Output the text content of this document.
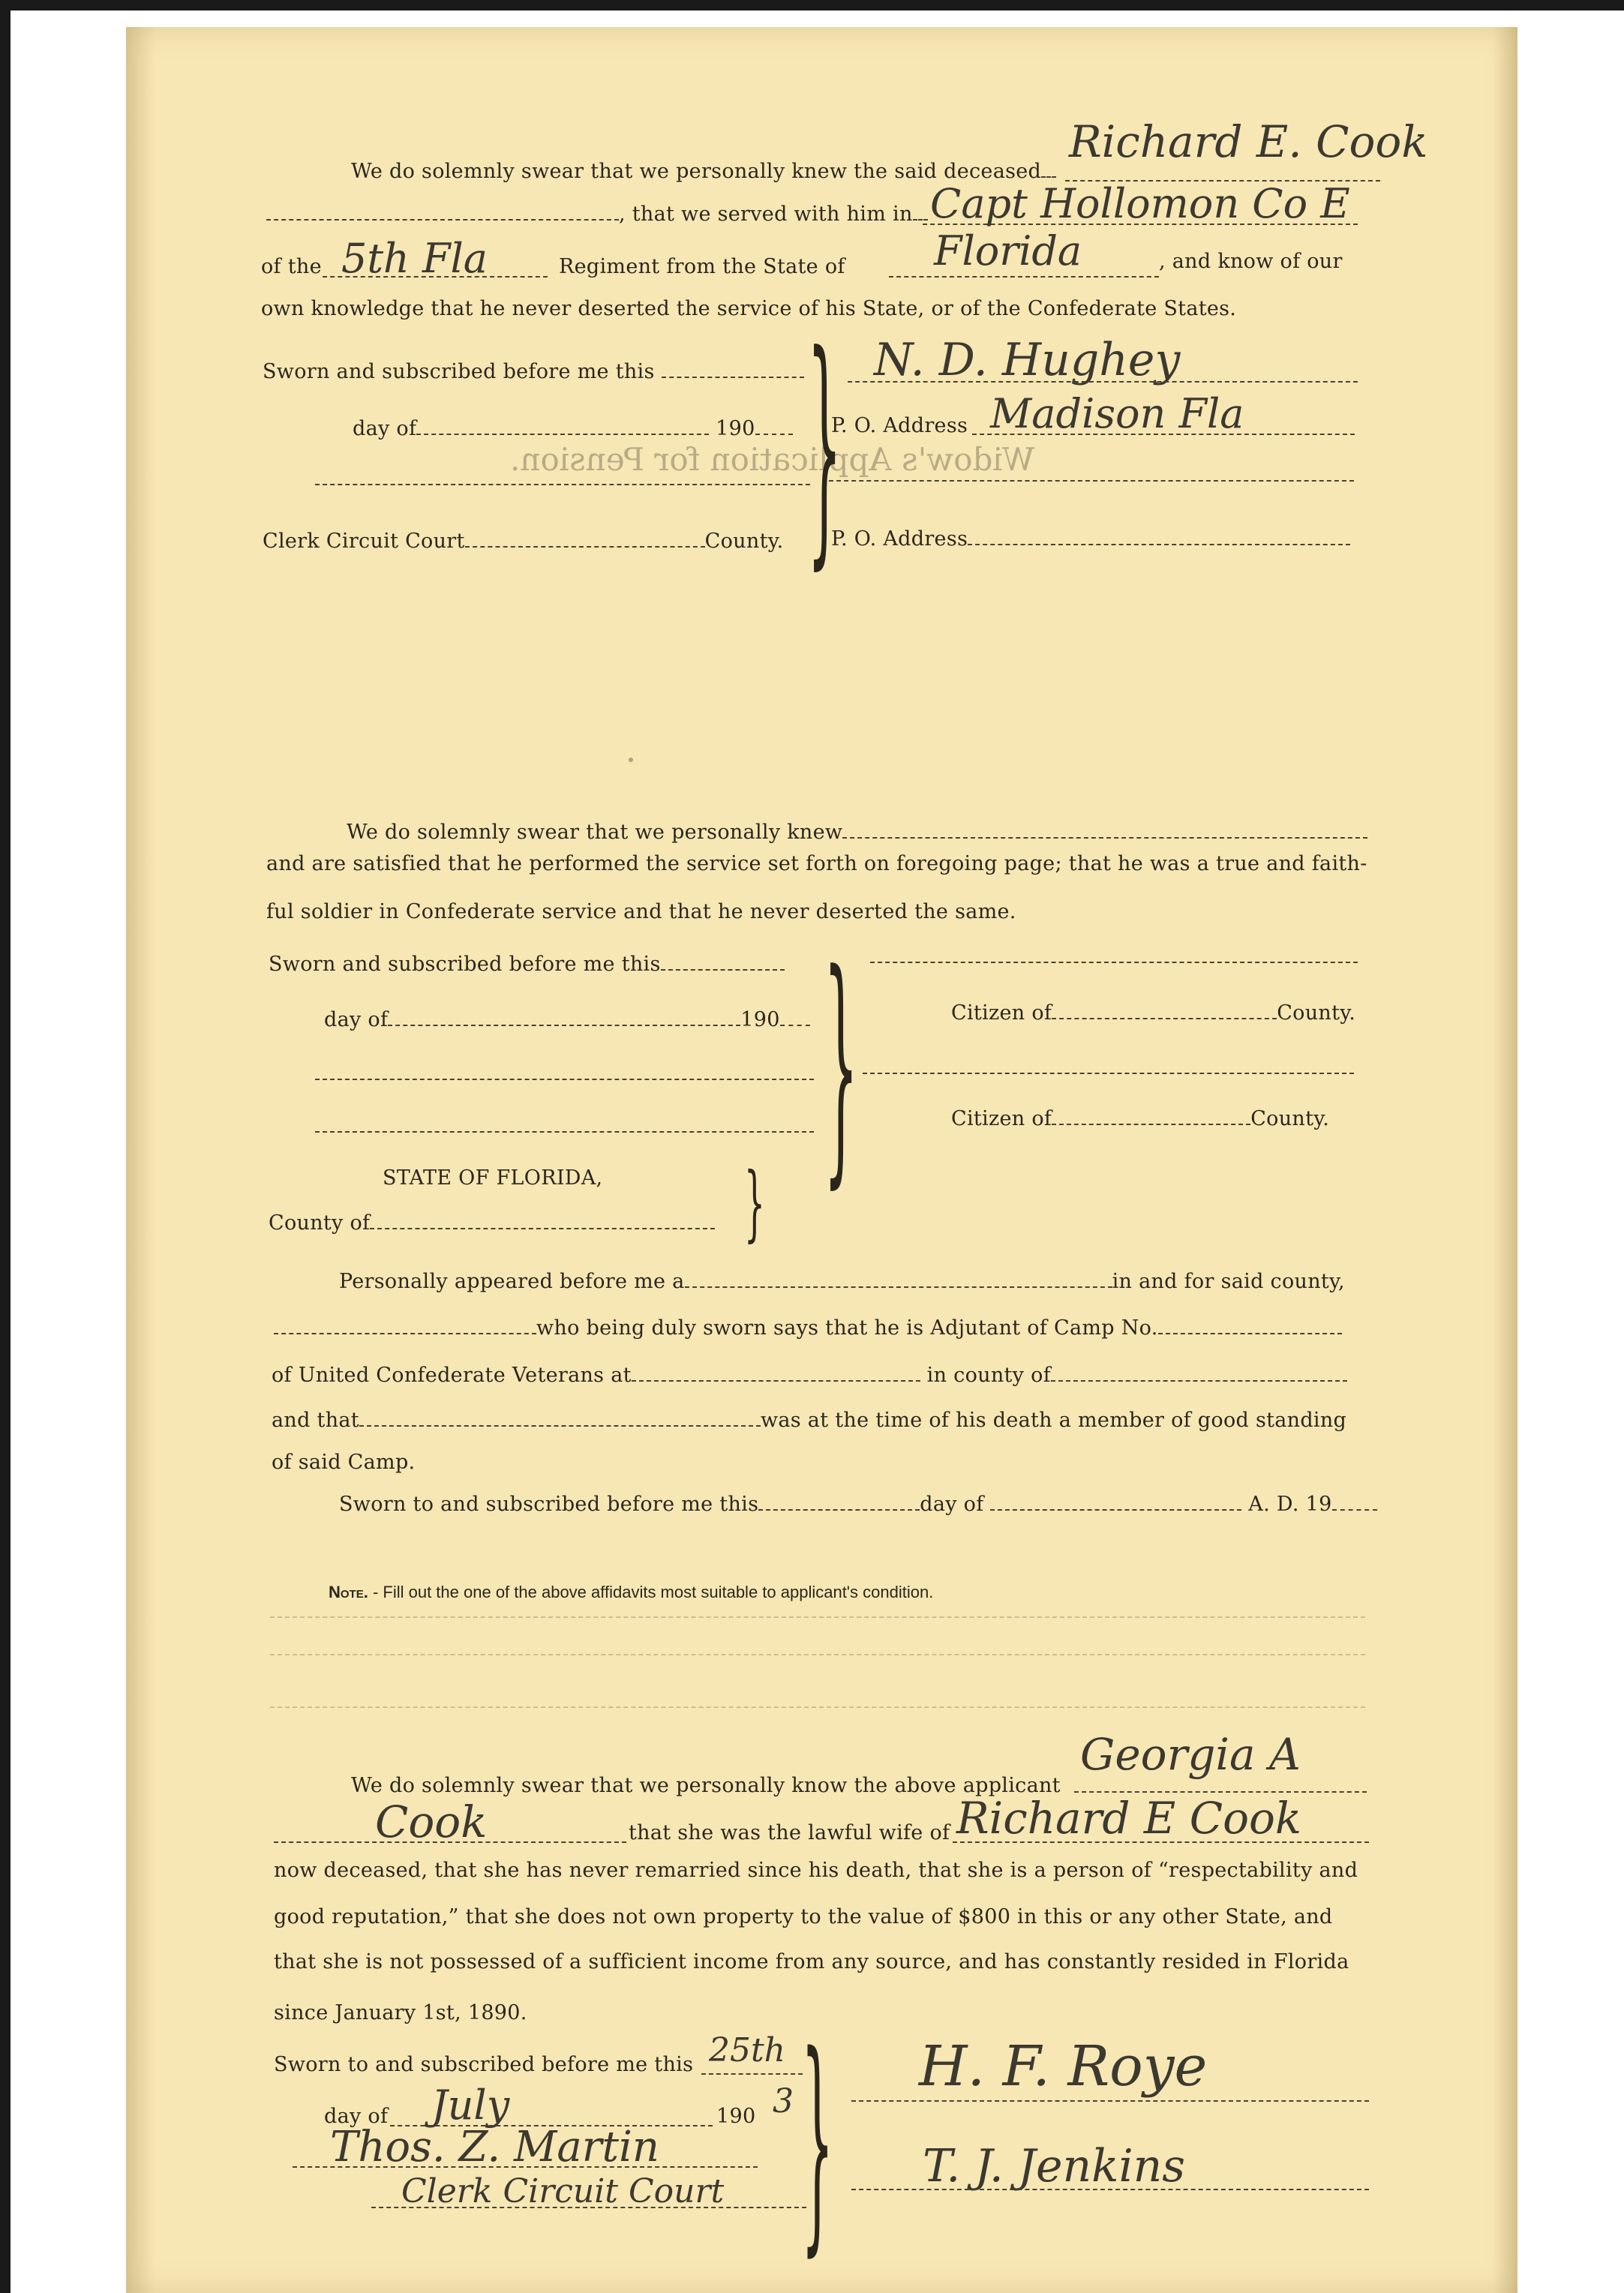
Widow's Application for Pension.
We do solemnly swear that we personally knew the said deceased
Richard E. Cook
, that we served with him in Capt Hollomon Co E
of the 5th Fla	Regiment from the State of Florida	, and know of our
own knowledge that he never deserted the service of his State, or of the Confederate States.
Sworn and subscribed before me this
day of	190
Clerk Circuit Court	County. } N. D. Hughey
P. O. Address Madison Fla
P. O. Address
We do solemnly swear that we personally knew
and are satisfied that he performed the service set forth on foregoing page; that he was a true and faith-
ful soldier in Confederate service and that he never deserted the same.
Sworn and subscribed before me this
day of	190 }	Citizen of	County.
Citizen of	County.
STATE OF FLORIDA,
County of	}
Personally appeared before me a	in and for said county,
who being duly sworn says that he is Adjutant of Camp No.
of United Confederate Veterans at	in county of
and that	was at the time of his death a member of good standing
of said Camp.
Sworn to and subscribed before me this	day of	A. D. 19
Note. - Fill out the one of the above affidavits most suitable to applicant's condition.
We do solemnly swear that we personally know the above applicant
Georgia A
Cook	that she was the lawful wife of Richard E Cook
now deceased, that she has never remarried since his death, that she is a person of “respectability and
good reputation,” that she does not own property to the value of $800 in this or any other State, and
that she is not possessed of a sufficient income from any source, and has constantly resided in Florida
since January 1st, 1890.
Sworn to and subscribed before me this 25th
day of July	190 3
Thos. Z. Martin
Clerk Circuit Court } H. F. Roye
T. J. Jenkins
